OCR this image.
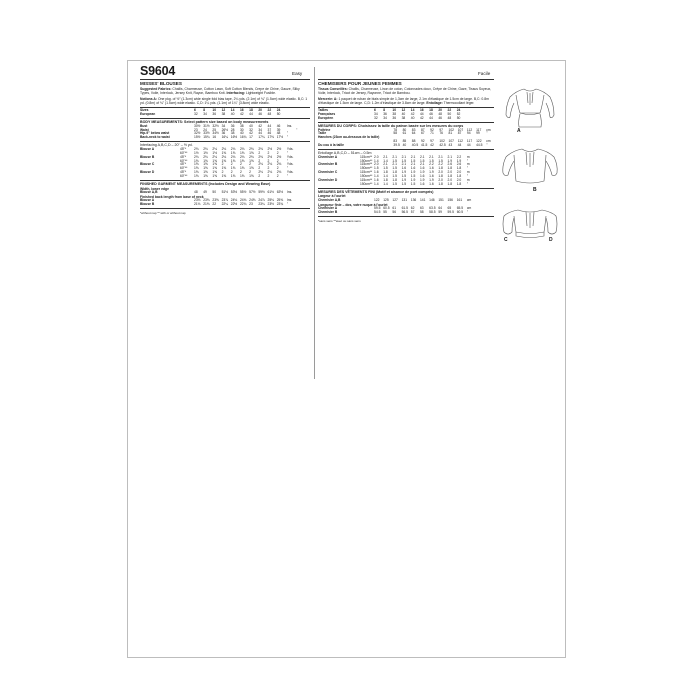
S9604	Easy	Facile
MISSES' BLOUSES
Suggested Fabrics: Challis, Charmeuse, Cotton Lawn, Soft Cotton Blends, Crepe de Chine, Gauze, Silky Types, Voile, Interlock, Jersey Knit, Rayon, Bamboo Knit. Interfacing: Lightweight Fusible.
Notions A: One pkg. of ½" (1.3cm) wide single fold bias tape, 2¼ yds. (2.1m) of ¾" (1.5cm) wide elastic. B,C: 1 yd. (0.8m) of ¾" (1.5cm) wide elastic. C,D: 1¼ yds. (1.1m) of 1¼" (3.8cm) wide elastic.
Sizes		6	8	10	12	14	16	18	20	22	24	
European		32	34	36	38	40	42	44	46	48	50	
BODY MEASUREMENTS: Select pattern size based on body measurements
Bust		30½	31½	32½	34	36	38	40	42	44	46	Ins.	
Waist		23	24	25	26½	28	30	32	34	37	39		"
Hip-9" below waist		32½	33½	34½	36	38	40	42	44	46	48	"	
Back-neck to waist		15½	15¾	16	16¼	16½	16¾	17	17¼	17⅜	17½	"	
Interfacing A,B,C,D – 20" – ½ yd.
Blouse A	45"*	2⅛	2⅛	2⅛	2⅛	2⅛	2⅛	2⅜	2⅜	2½	2½	Yds.
	60"**	1½	1½	1½	1⅝	1⅝	1⅝	1⅝	2	2	2	"
Blouse B	45"*	2⅛	2⅛	2⅛	2⅛	2⅛	2⅛	2⅜	2⅜	2½	2½	Yds.
	60"**	1⅝	1⅝	1⅝	1⅝	1⅝	1⅝	1⅝	2	2	2	"
Blouse C	45"*	1⅝	1⅝	1⅝	2	2	2	2	2⅛	2⅛	2⅛	Yds.
	60"**	1⅝	1⅝	1⅝	1⅝	1⅝	1⅝	1⅝	2	2	2	"
Blouse D	45"*	1⅝	1⅝	1⅝	2	2	2	2	2⅛	2⅛	2⅛	Yds.
	60"**	1⅝	1⅝	1⅝	1⅝	1⅝	1⅝	1⅝	2	2	2	"
FINISHED GARMENT MEASUREMENTS (Includes Design and Wearing Ease)
Width, lower edge
Blouse A,B		48	49	50	51½	53½	55½	57½	59½	61½	63½	Ins.
Finished back length from base of neck
Blouse A		23⅛	23⅜	23⅝	23⅞	24⅛	24⅜	24⅝	24⅞	25⅛	25⅜	Ins.
Blouse B		21⅛	21⅜	22	22¼	22½	22¾	23	23¼	23½	23¾	"
*without nap ** with or without nap
CHEMISIERS POUR JEUNES FEMMES
Tissus Conseillés: Challis, Charmeuse, Linon de coton, Cotonnades doux, Crêpe de Chine, Gaze, Tissus Soyeux, Voile, Interlock, Tricot de Jersey, Rayonne, Tricot de Bambou.
Mercerie: A: 1 paquet de ruban de biais simple de 1,3cm de large, 2.1m d'élastique de 1.5cm de large. B,C: 0.8m d'élastique de 1.5cm de large. C,D: 1.2m d'élastique de 3.8cm de large. Entoilage: Thermocollant léger.
Tailles		6	8	10	12	14	16	18	20	22	24	
Françaises		34	36	38	40	42	44	46	48	50	52	
Européen		32	34	36	38	40	42	44	46	48	50	
MESURES DU CORPS: Choisissez la taille du patron basée sur les mesures du corps
Poitrine		78	80	83	87	92	97	102	107	112	117	cm
Taille		58	61	64	67	71	76	81	87	94	99	"
Hanches (23cm au-dessous de la taille)												
		83	85	88	92	97	102	107	112	117	122	cm
Du cou à la taille		39.5	40	40.5	41.5	42	42.5	43	44	44	44.5	"
Entoilage A,B,C,D – 51cm – 0.5m
Chemisier A	115cm**	2.0	2.1	2.1	2.1	2.1	2.1	2.1	2.1	2.1	2.2	m
	150cm**	1.4	1.4	1.5	1.5	1.5	1.5	1.5	1.5	1.9	1.9	"
Chemisier B	115cm**	2.0	2.1	2.1	2.1	2.1	2.1	2.2	2.2	2.6	2.6	m
	150cm**	1.5	1.5	1.5	1.6	1.6	1.6	1.6	1.8	1.8	1.8	"
Chemisier C	115cm**	1.6	1.8	1.8	1.9	1.9	1.9	1.9	2.0	2.0	2.0	m
	150cm**	1.4	1.4	1.5	1.5	1.5	1.6	1.6	1.8	1.8	1.8	"
Chemisier D	115cm**	1.6	1.8	1.8	1.9	1.9	1.9	1.9	2.0	2.0	2.0	m
	150cm**	1.4	1.4	1.5	1.5	1.5	1.6	1.6	1.8	1.8	1.8	"
MESURES DES VÊTEMENTS FINI (Motif et aisance de port compris)
Largeur à l'ourlet
Chemisier A,B		122	125	127	131	136	141	146	151	156	161	cm
Longueur finie – dos, votre nuque à l'ourlet
Chemisier A		59.5	60.5	61	61.5	62	63	63.5	64	65	65.5	cm
Chemisier B		54.5	55	56	56.5	57	58	58.5	59	59.5	60.5	"
*sans sens **avec ou sans sens
A
B
C	D
